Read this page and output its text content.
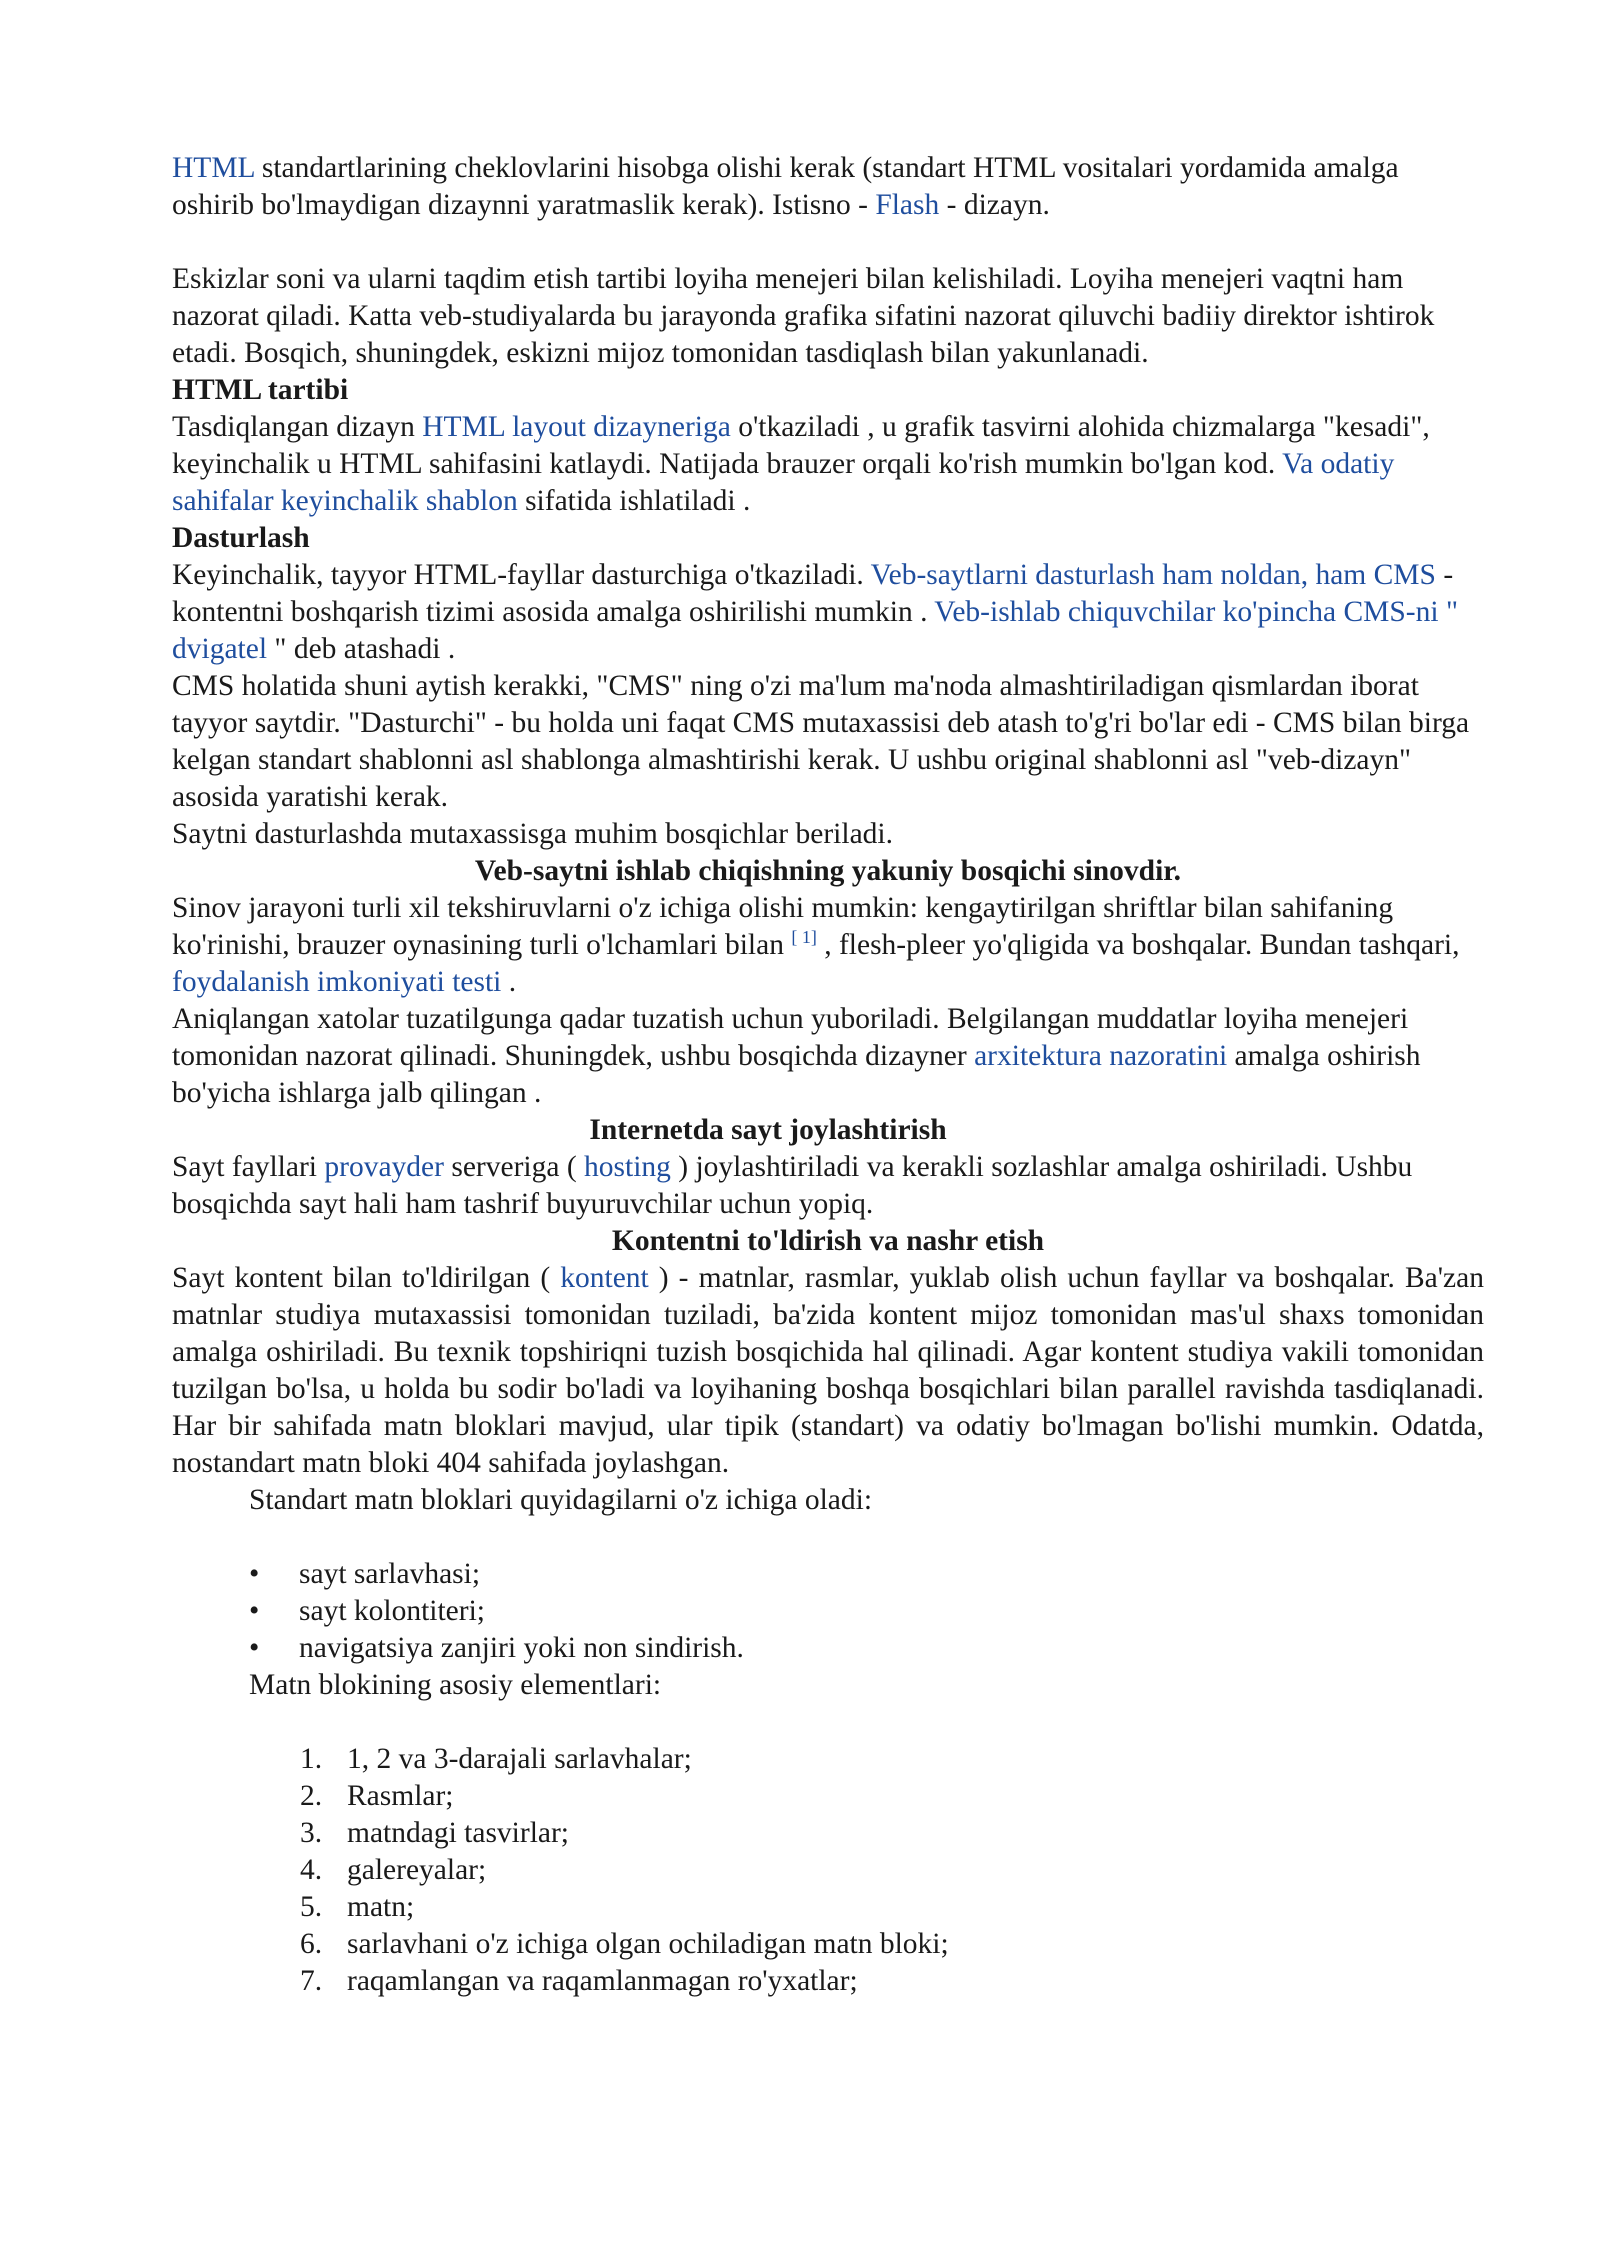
HTML standartlarining cheklovlarini hisobga olishi kerak (standart HTML vositalari yordamida amalga oshirib bo'lmaydigan dizaynni yaratmaslik kerak). Istisno - Flash - dizayn.

Eskizlar soni va ularni taqdim etish tartibi loyiha menejeri bilan kelishiladi. Loyiha menejeri vaqtni ham nazorat qiladi. Katta veb-studiyalarda bu jarayonda grafika sifatini nazorat qiluvchi badiiy direktor ishtirok etadi. Bosqich, shuningdek, eskizni mijoz tomonidan tasdiqlash bilan yakunlanadi.

HTML tartibi

Tasdiqlangan dizayn HTML layout dizayneriga o'tkaziladi , u grafik tasvirni alohida chizmalarga "kesadi", keyinchalik u HTML sahifasini katlaydi. Natijada brauzer orqali ko'rish mumkin bo'lgan kod. Va odatiy sahifalar keyinchalik shablon sifatida ishlatiladi .

Dasturlash

Keyinchalik, tayyor HTML-fayllar dasturchiga o'tkaziladi. Veb-saytlarni dasturlash ham noldan, ham CMS - kontentni boshqarish tizimi asosida amalga oshirilishi mumkin . Veb-ishlab chiquvchilar ko'pincha CMS-ni " dvigatel " deb atashadi .

CMS holatida shuni aytish kerakki, "CMS" ning o'zi ma'lum ma'noda almashtiriladigan qismlardan iborat tayyor saytdir. "Dasturchi" - bu holda uni faqat CMS mutaxassisi deb atash to'g'ri bo'lar edi - CMS bilan birga kelgan standart shablonni asl shablonga almashtirishi kerak. U ushbu original shablonni asl "veb-dizayn" asosida yaratishi kerak.

Saytni dasturlashda mutaxassisga muhim bosqichlar beriladi.

Veb-saytni ishlab chiqishning yakuniy bosqichi sinovdir.

Sinov jarayoni turli xil tekshiruvlarni o'z ichiga olishi mumkin: kengaytirilgan shriftlar bilan sahifaning ko'rinishi, brauzer oynasining turli o'lchamlari bilan [ 1] , flesh-pleer yo'qligida va boshqalar. Bundan tashqari, foydalanish imkoniyati testi .

Aniqlangan xatolar tuzatilgunga qadar tuzatish uchun yuboriladi. Belgilangan muddatlar loyiha menejeri tomonidan nazorat qilinadi. Shuningdek, ushbu bosqichda dizayner arxitektura nazoratini amalga oshirish bo'yicha ishlarga jalb qilingan .

Internetda sayt joylashtirish

Sayt fayllari provayder serveriga ( hosting ) joylashtiriladi va kerakli sozlashlar amalga oshiriladi. Ushbu bosqichda sayt hali ham tashrif buyuruvchilar uchun yopiq.

Kontentni to'ldirish va nashr etish

Sayt kontent bilan to'ldirilgan ( kontent ) - matnlar, rasmlar, yuklab olish uchun fayllar va boshqalar. Ba'zan matnlar studiya mutaxassisi tomonidan tuziladi, ba'zida kontent mijoz tomonidan mas'ul shaxs tomonidan amalga oshiriladi. Bu texnik topshiriqni tuzish bosqichida hal qilinadi. Agar kontent studiya vakili tomonidan tuzilgan bo'lsa, u holda bu sodir bo'ladi va loyihaning boshqa bosqichlari bilan parallel ravishda tasdiqlanadi. Har bir sahifada matn bloklari mavjud, ular tipik (standart) va odatiy bo'lmagan bo'lishi mumkin. Odatda, nostandart matn bloki 404 sahifada joylashgan.

Standart matn bloklari quyidagilarni o'z ichiga oladi:

•	sayt sarlavhasi;
•	sayt kolontiteri;
•	navigatsiya zanjiri yoki non sindirish.

Matn blokining asosiy elementlari:

1. 1, 2 va 3-darajali sarlavhalar;
2. Rasmlar;
3. matndagi tasvirlar;
4. galereyalar;
5. matn;
6. sarlavhani o'z ichiga olgan ochiladigan matn bloki;
7. raqamlangan va raqamlanmagan ro'yxatlar;
